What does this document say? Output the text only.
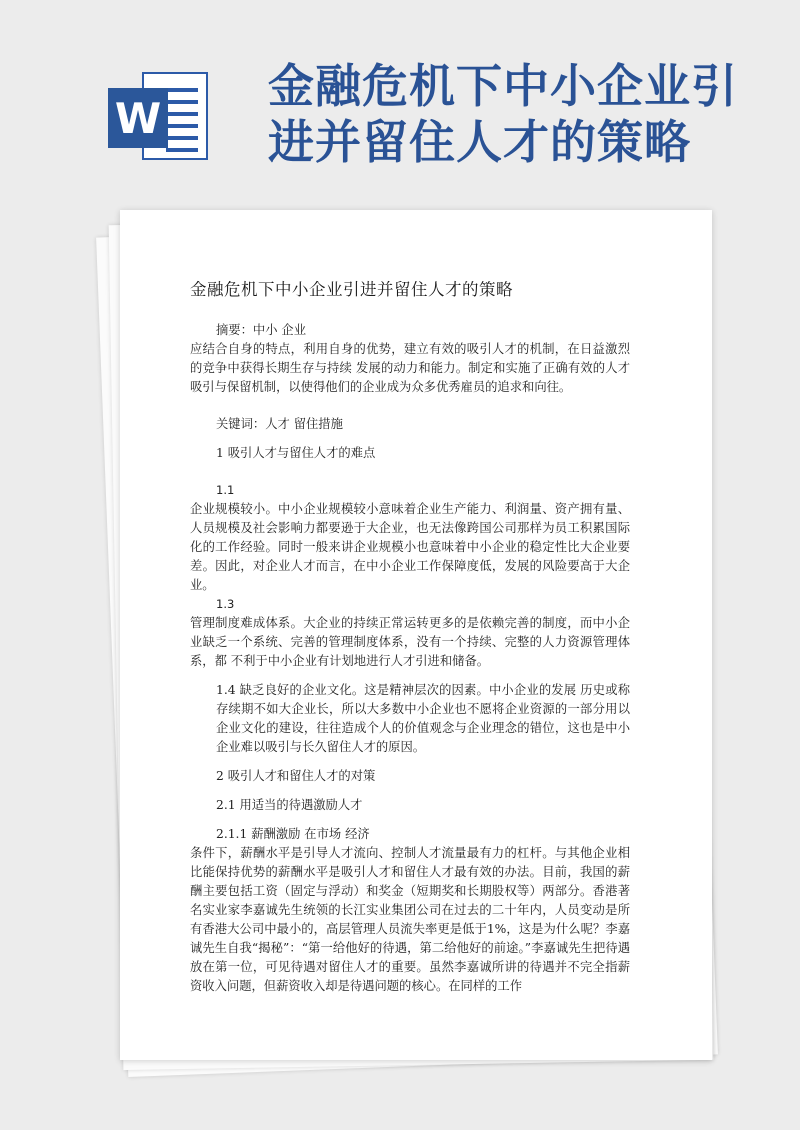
W
金融危机下中小企业引进并留住人才的策略
金融危机下中小企业引进并留住人才的策略

摘要：中小 企业

应结合自身的特点，利用自身的优势，建立有效的吸引人才的机制，在日益激烈的竞争中获得长期生存与持续 发展的动力和能力。制定和实施了正确有效的人才吸引与保留机制，以使得他们的企业成为众多优秀雇员的追求和向往。

关键词：人才 留住措施

1 吸引人才与留住人才的难点

1.1

企业规模较小。中小企业规模较小意味着企业生产能力、利润量、资产拥有量、人员规模及社会影响力都要逊于大企业，也无法像跨国公司那样为员工积累国际化的工作经验。同时一般来讲企业规模小也意味着中小企业的稳定性比大企业要差。因此，对企业人才而言，在中小企业工作保障度低，发展的风险要高于大企业。

1.3

管理制度难成体系。大企业的持续正常运转更多的是依赖完善的制度，而中小企业缺乏一个系统、完善的管理制度体系，没有一个持续、完整的人力资源管理体系，都 不利于中小企业有计划地进行人才引进和储备。

1.4 缺乏良好的企业文化。这是精神层次的因素。中小企业的发展 历史或称存续期不如大企业长，所以大多数中小企业也不愿将企业资源的一部分用以企业文化的建设，往往造成个人的价值观念与企业理念的错位，这也是中小企业难以吸引与长久留住人才的原因。

2 吸引人才和留住人才的对策

2.1 用适当的待遇激励人才

2.1.1 薪酬激励 在市场 经济

条件下，薪酬水平是引导人才流向、控制人才流量最有力的杠杆。与其他企业相比能保持优势的薪酬水平是吸引人才和留住人才最有效的办法。目前，我国的薪酬主要包括工资（固定与浮动）和奖金（短期奖和长期股权等）两部分。香港著名实业家李嘉诚先生统领的长江实业集团公司在过去的二十年内，人员变动是所有香港大公司中最小的，高层管理人员流失率更是低于1%，这是为什么呢？李嘉诚先生自我“揭秘”：“第一给他好的待遇，第二给他好的前途。”李嘉诚先生把待遇放在第一位，可见待遇对留住人才的重要。虽然李嘉诚所讲的待遇并不完全指薪资收入问题，但薪资收入却是待遇问题的核心。在同样的工作
